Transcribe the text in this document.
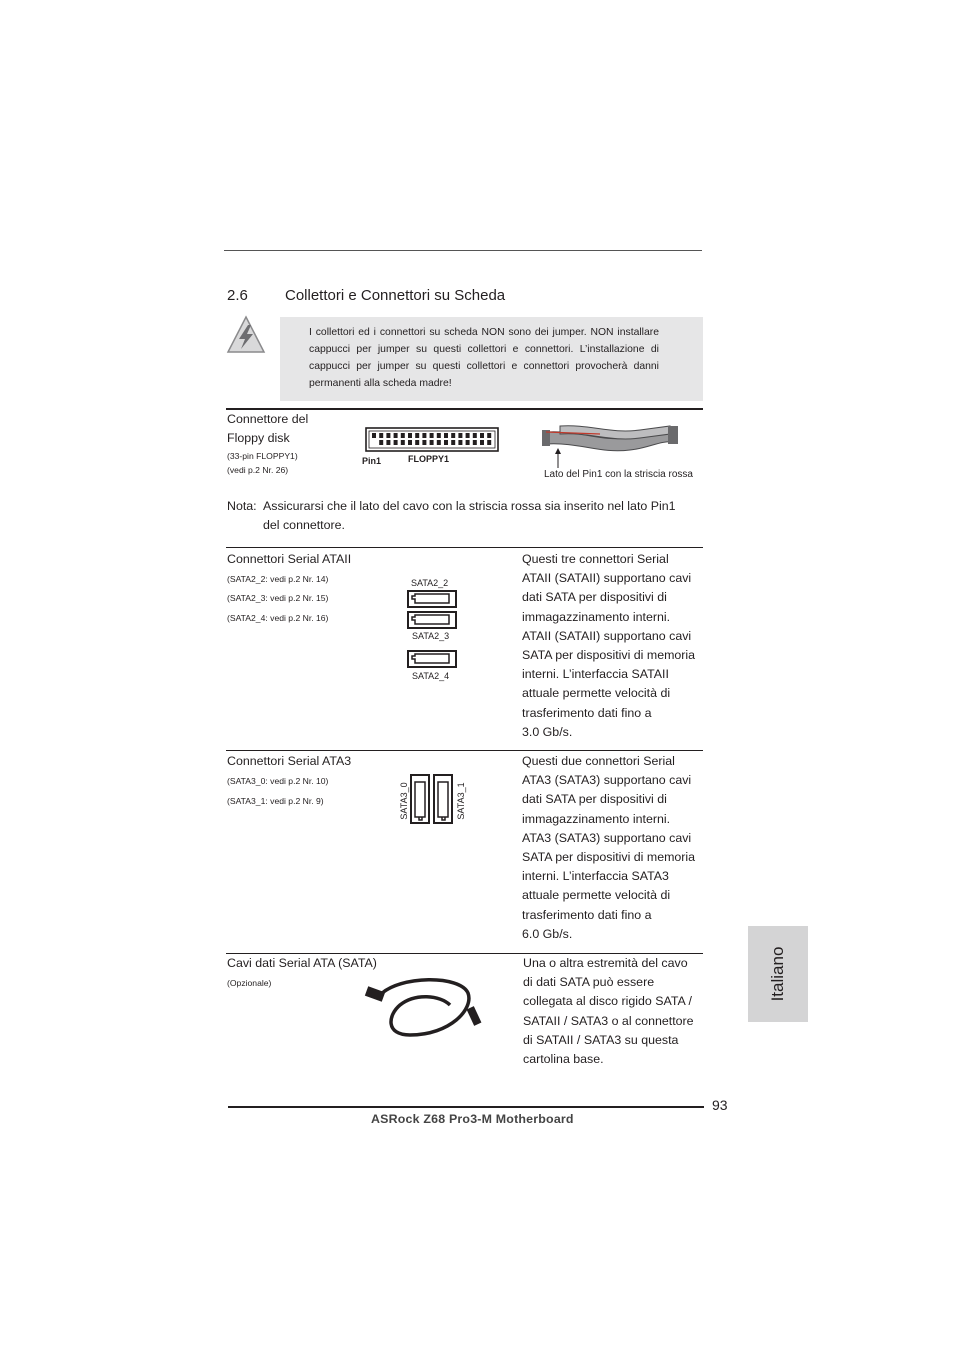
2.6 Collettori e Connettori su Scheda
I collettori ed i connettori su scheda NON sono dei jumper. NON installare cappucci per jumper su questi collettori e connettori. L’installazione di cappucci per jumper su questi collettori e connettori provocherà danni permanenti alla scheda madre!
Connettore del
Floppy disk
(33-pin FLOPPY1)
(vedi p.2 Nr. 26)
Pin1	FLOPPY1
Lato del Pin1 con la striscia rossa
Nota: Assicurarsi che il lato del cavo con la striscia rossa sia inserito nel lato Pin1
del connettore.
Connettori Serial ATAII
(SATA2_2: vedi p.2 Nr. 14)
(SATA2_3: vedi p.2 Nr. 15)
(SATA2_4: vedi p.2 Nr. 16)
SATA2_2
SATA2_3
SATA2_4
Questi tre connettori Serial
ATAII (SATAII) supportano cavi
dati SATA per dispositivi di
immagazzinamento interni.
ATAII (SATAII) supportano cavi
SATA per dispositivi di memoria
interni. L’interfaccia SATAII
attuale permette velocità di
trasferimento dati fino a
3.0 Gb/s.
Connettori Serial ATA3
(SATA3_0: vedi p.2 Nr. 10)
(SATA3_1: vedi p.2 Nr. 9)	SATA3_0	SATA3_1
Questi due connettori Serial
ATA3 (SATA3) supportano cavi
dati SATA per dispositivi di
immagazzinamento interni.
ATA3 (SATA3) supportano cavi
SATA per dispositivi di memoria
interni. L’interfaccia SATA3
attuale permette velocità di
trasferimento dati fino a
6.0 Gb/s.
Cavi dati Serial ATA (SATA)
(Opzionale)
Una o altra estremità del cavo
di dati SATA può essere
collegata al disco rigido SATA /
SATAII / SATA3 o al connettore
di SATAII / SATA3 su questa
cartolina base.
Italiano
93
ASRock Z68 Pro3-M Motherboard
